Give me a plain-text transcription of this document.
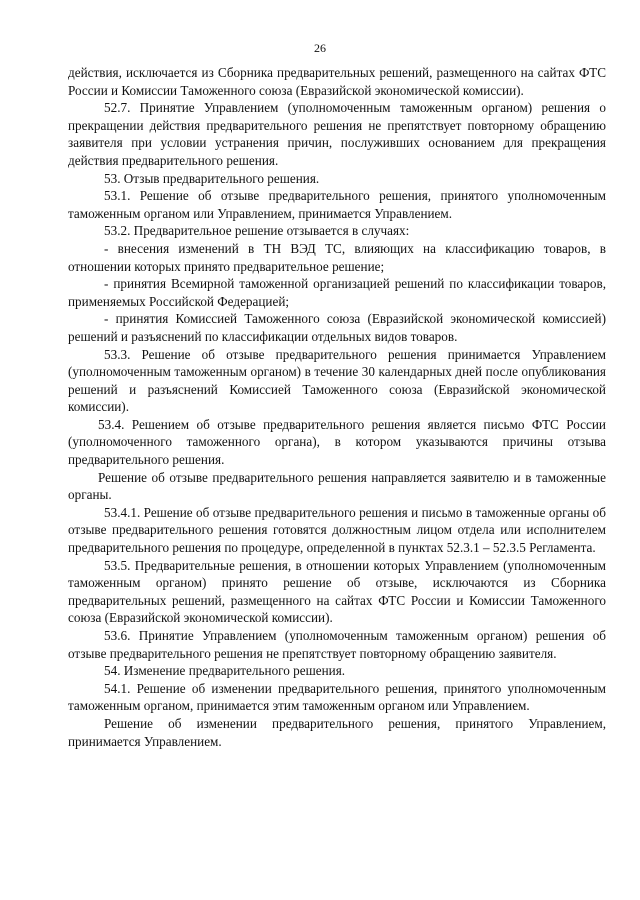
26

действия, исключается из Сборника предварительных решений, размещенного на сайтах ФТС России и Комиссии Таможенного союза (Евразийской экономической комиссии).

52.7. Принятие Управлением (уполномоченным таможенным органом) решения о прекращении действия предварительного решения не препятствует повторному обращению заявителя при условии устранения причин, послуживших основанием для прекращения действия предварительного решения.

53. Отзыв предварительного решения.

53.1. Решение об отзыве предварительного решения, принятого уполномоченным таможенным органом или Управлением, принимается Управлением.

53.2. Предварительное решение отзывается в случаях:

- внесения изменений в ТН ВЭД ТС, влияющих на классификацию товаров, в отношении которых принято предварительное решение;

- принятия Всемирной таможенной организацией решений по классификации товаров, применяемых Российской Федерацией;

- принятия Комиссией Таможенного союза (Евразийской экономической комиссией) решений и разъяснений по классификации отдельных видов товаров.

53.3. Решение об отзыве предварительного решения принимается Управлением (уполномоченным таможенным органом) в течение 30 календарных дней после опубликования решений и разъяснений Комиссией Таможенного союза (Евразийской экономической комиссии).

53.4. Решением об отзыве предварительного решения является письмо ФТС России (уполномоченного таможенного органа), в котором указываются причины отзыва предварительного решения.

Решение об отзыве предварительного решения направляется заявителю и в таможенные органы.

53.4.1. Решение об отзыве предварительного решения и письмо в таможенные органы об отзыве предварительного решения готовятся должностным лицом отдела или исполнителем предварительного решения по процедуре, определенной в пунктах 52.3.1 – 52.3.5 Регламента.

53.5. Предварительные решения, в отношении которых Управлением (уполномоченным таможенным органом) принято решение об отзыве, исключаются из Сборника предварительных решений, размещенного на сайтах ФТС России и Комиссии Таможенного союза (Евразийской экономической комиссии).

53.6. Принятие Управлением (уполномоченным таможенным органом) решения об отзыве предварительного решения не препятствует повторному обращению заявителя.

54. Изменение предварительного решения.

54.1. Решение об изменении предварительного решения, принятого уполномоченным таможенным органом, принимается этим таможенным органом или Управлением.

Решение об изменении предварительного решения, принятого Управлением, принимается Управлением.
